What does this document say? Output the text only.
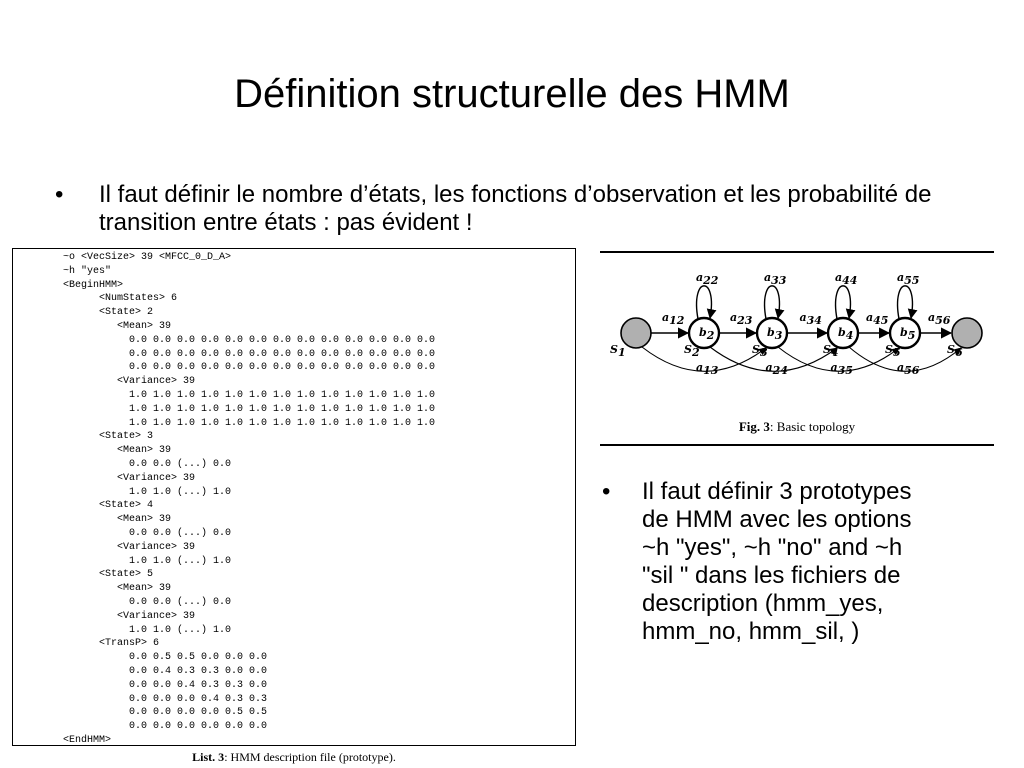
Définition structurelle des HMM
• Il faut définir le nombre d’états, les fonctions d’observation et les probabilité de transition entre états : pas évident !
~o <VecSize> 39 <MFCC_0_D_A>
~h "yes"
<BeginHMM>
<NumStates> 6
<State> 2
<Mean> 39
0.0 0.0 0.0 0.0 0.0 0.0 0.0 0.0 0.0 0.0 0.0 0.0 0.0
0.0 0.0 0.0 0.0 0.0 0.0 0.0 0.0 0.0 0.0 0.0 0.0 0.0
0.0 0.0 0.0 0.0 0.0 0.0 0.0 0.0 0.0 0.0 0.0 0.0 0.0
<Variance> 39
1.0 1.0 1.0 1.0 1.0 1.0 1.0 1.0 1.0 1.0 1.0 1.0 1.0
1.0 1.0 1.0 1.0 1.0 1.0 1.0 1.0 1.0 1.0 1.0 1.0 1.0
1.0 1.0 1.0 1.0 1.0 1.0 1.0 1.0 1.0 1.0 1.0 1.0 1.0
<State> 3
<Mean> 39
0.0 0.0 (...) 0.0
<Variance> 39
1.0 1.0 (...) 1.0
<State> 4
<Mean> 39
0.0 0.0 (...) 0.0
<Variance> 39
1.0 1.0 (...) 1.0
<State> 5
<Mean> 39
0.0 0.0 (...) 0.0
<Variance> 39
1.0 1.0 (...) 1.0
<TransP> 6
0.0 0.5 0.5 0.0 0.0 0.0
0.0 0.4 0.3 0.3 0.0 0.0
0.0 0.0 0.4 0.3 0.3 0.0
0.0 0.0 0.0 0.4 0.3 0.3
0.0 0.0 0.0 0.0 0.5 0.5
0.0 0.0 0.0 0.0 0.0 0.0
<EndHMM>

List. 3: HMM description file (prototype).
a12	a23	a34	a45	a56
a13	a24	a35	a56
a22	a33	a44	a55
S1
b2
S2
b3
S3
b4
S4
b5
S5	S6
Fig. 3: Basic topology
• Il faut définir 3 prototypes
de HMM avec les options
~h "yes", ~h "no" and ~h
"sil " dans les fichiers de
description (hmm_yes,
hmm_no, hmm_sil, )
